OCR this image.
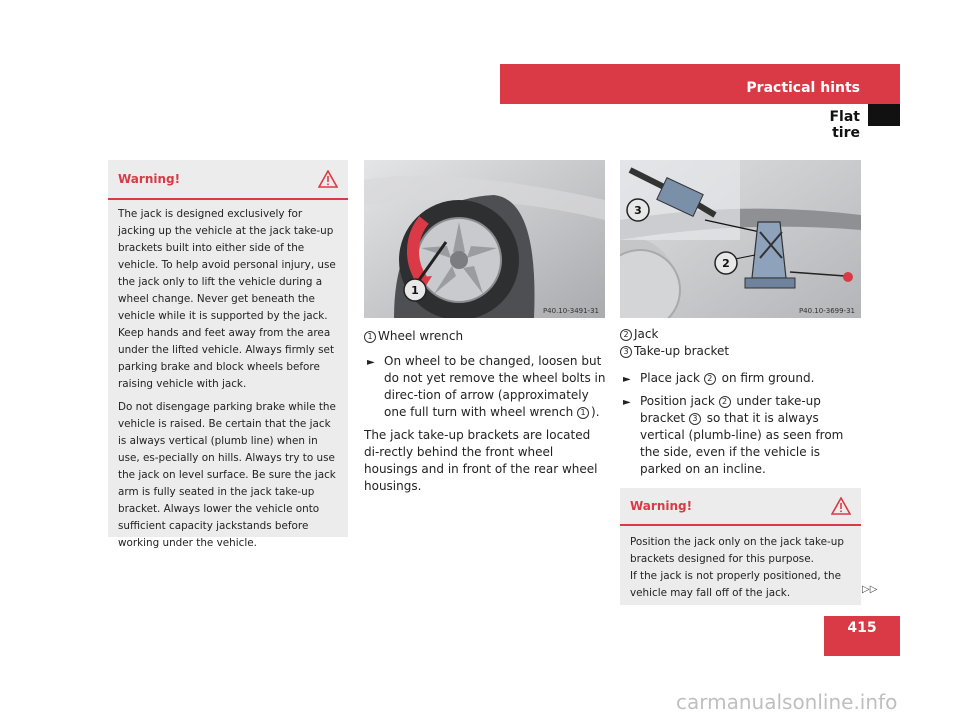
Practical hints
Flat tire
Warning!

The jack is designed exclusively for jacking up the vehicle at the jack take-up brackets built into either side of the vehicle. To help avoid personal injury, use the jack only to lift the vehicle during a wheel change. Never get beneath the vehicle while it is supported by the jack. Keep hands and feet away from the area under the lifted vehicle. Always firmly set parking brake and block wheels before raising vehicle with jack.

Do not disengage parking brake while the vehicle is raised. Be certain that the jack is always vertical (plumb line) when in use, es-pecially on hills. Always try to use the jack on level surface. Be sure the jack arm is fully seated in the jack take-up bracket. Always lower the vehicle onto sufficient capacity jackstands before working under the vehicle.

1
P40.10-3491-31
3
2
P40.10-3699-31
1 Wheel wrench
► On wheel to be changed, loosen but do not yet remove the wheel bolts in direc-tion of arrow (approximately one full turn with wheel wrench 1 ).
The jack take-up brackets are located di-rectly behind the front wheel housings and in front of the rear wheel housings.
2 Jack
3 Take-up bracket
► Place jack 2 on firm ground.
► Position jack 2 under take-up bracket 3 so that it is always vertical (plumb-line) as seen from the side, even if the vehicle is parked on an incline.
Warning!

Position the jack only on the jack take-up brackets designed for this purpose.

If the jack is not properly positioned, the vehicle may fall off of the jack.	▷▷
415
carmanualsonline.info
